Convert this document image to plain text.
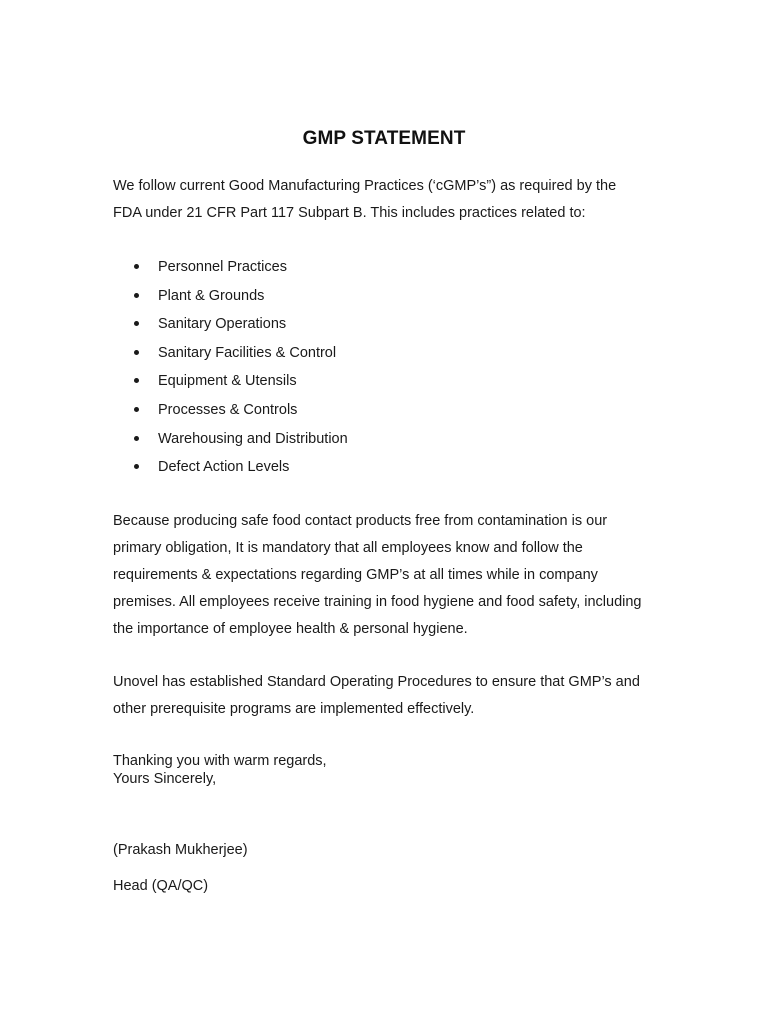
GMP STATEMENT

We follow current Good Manufacturing Practices (‘cGMP’s”) as required by the FDA under 21 CFR Part 117 Subpart B. This includes practices related to:

Personnel Practices
Plant & Grounds
Sanitary Operations
Sanitary Facilities & Control
Equipment & Utensils
Processes & Controls
Warehousing and Distribution
Defect Action Levels

Because producing safe food contact products free from contamination is our primary obligation, It is mandatory that all employees know and follow the requirements & expectations regarding GMP’s at all times while in company premises. All employees receive training in food hygiene and food safety, including the importance of employee health & personal hygiene.

Unovel has established Standard Operating Procedures to ensure that GMP’s and other prerequisite programs are implemented effectively.

Thanking you with warm regards,
Yours Sincerely,
(Prakash Mukherjee)
Head (QA/QC)
